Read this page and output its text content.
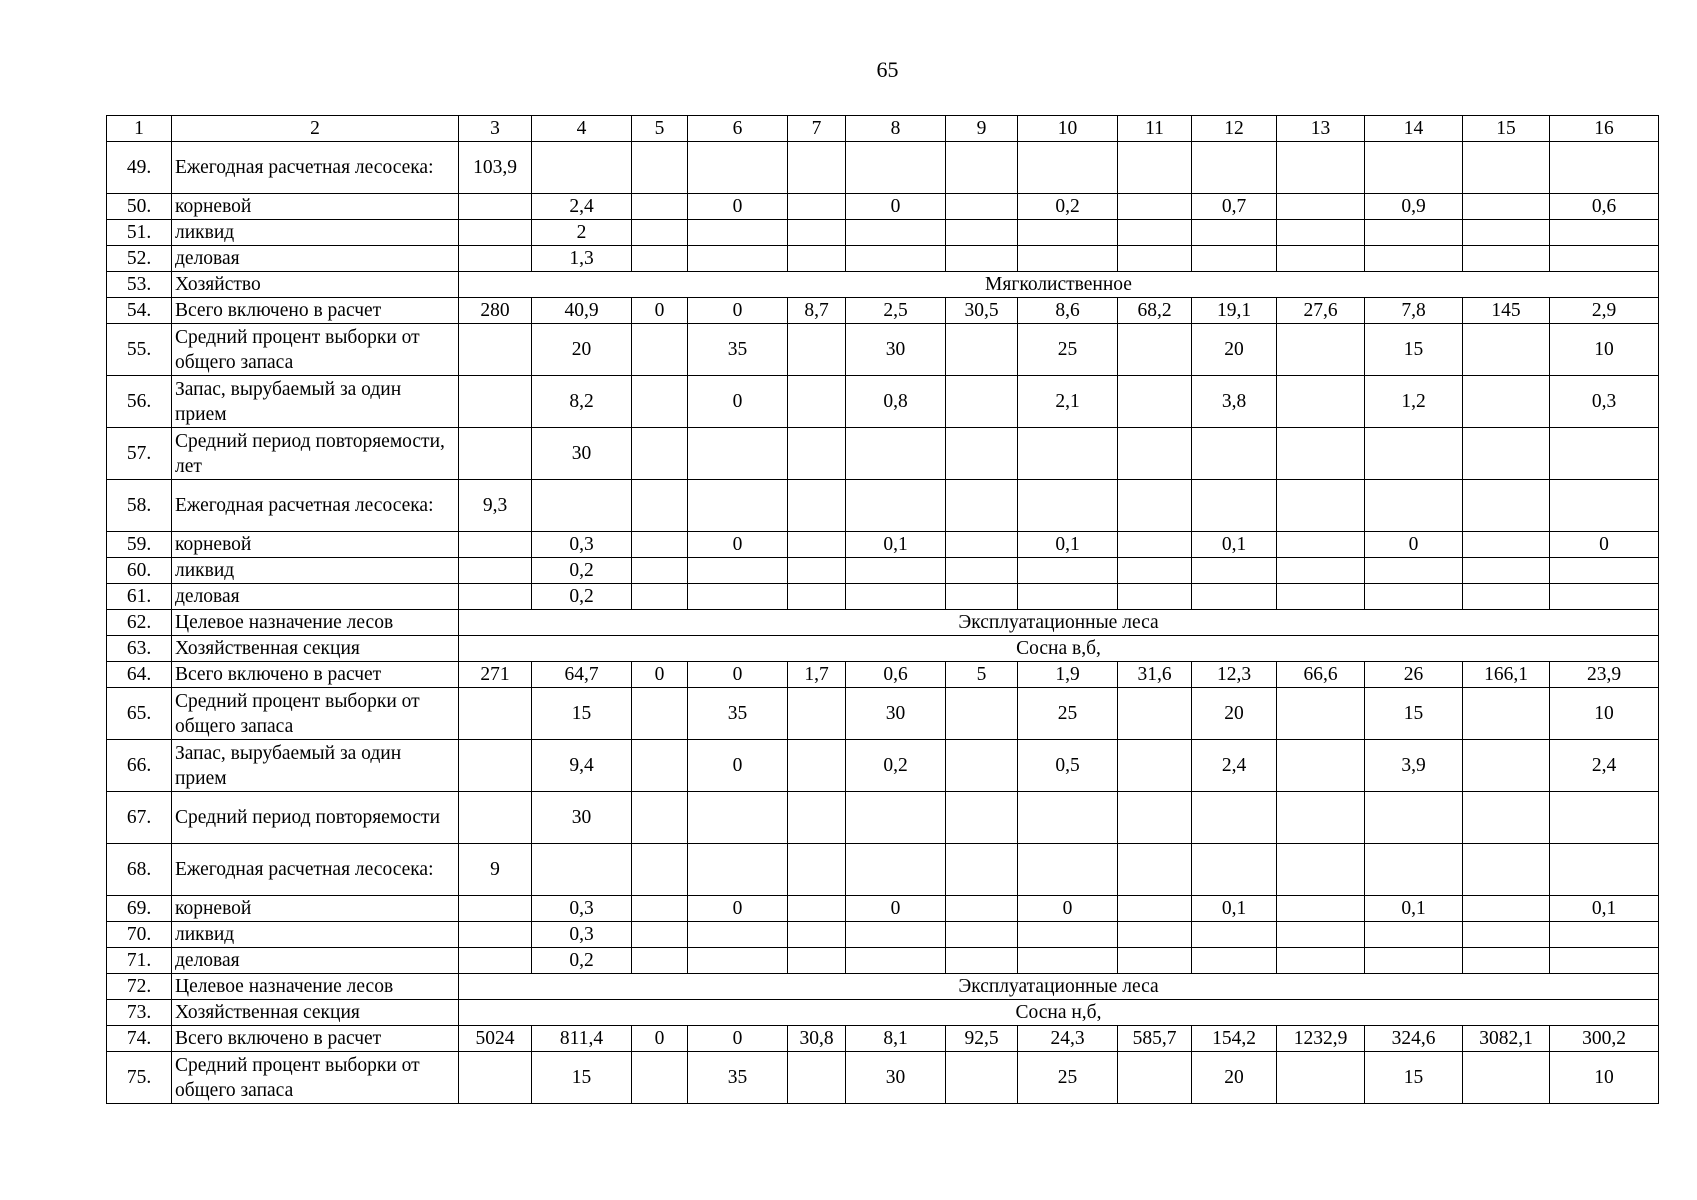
65
1	2	3	4	5	6	7	8	9	10	11	12	13	14	15	16
49.	Ежегодная расчетная лесосека:	103,9													
50.	корневой		2,4		0		0		0,2		0,7		0,9		0,6
51.	ликвид		2												
52.	деловая		1,3												
53.	Хозяйство	Мягколиственное													
54.	Всего включено в расчет	280	40,9	0	0	8,7	2,5	30,5	8,6	68,2	19,1	27,6	7,8	145	2,9
55.	Средний процент выборки от общего запаса		20		35		30		25		20		15		10
56.	Запас, вырубаемый за один прием		8,2		0		0,8		2,1		3,8		1,2		0,3
57.	Средний период повторяемости, лет		30												
58.	Ежегодная расчетная лесосека:	9,3													
59.	корневой		0,3		0		0,1		0,1		0,1		0		0
60.	ликвид		0,2												
61.	деловая		0,2												
62.	Целевое назначение лесов	Эксплуатационные леса													
63.	Хозяйственная секция	Сосна в,б,													
64.	Всего включено в расчет	271	64,7	0	0	1,7	0,6	5	1,9	31,6	12,3	66,6	26	166,1	23,9
65.	Средний процент выборки от общего запаса		15		35		30		25		20		15		10
66.	Запас, вырубаемый за один прием		9,4		0		0,2		0,5		2,4		3,9		2,4
67.	Средний период повторяемости		30												
68.	Ежегодная расчетная лесосека:	9													
69.	корневой		0,3		0		0		0		0,1		0,1		0,1
70.	ликвид		0,3												
71.	деловая		0,2												
72.	Целевое назначение лесов	Эксплуатационные леса													
73.	Хозяйственная секция	Сосна н,б,													
74.	Всего включено в расчет	5024	811,4	0	0	30,8	8,1	92,5	24,3	585,7	154,2	1232,9	324,6	3082,1	300,2
75.	Средний процент выборки от общего запаса		15		35		30		25		20		15		10
